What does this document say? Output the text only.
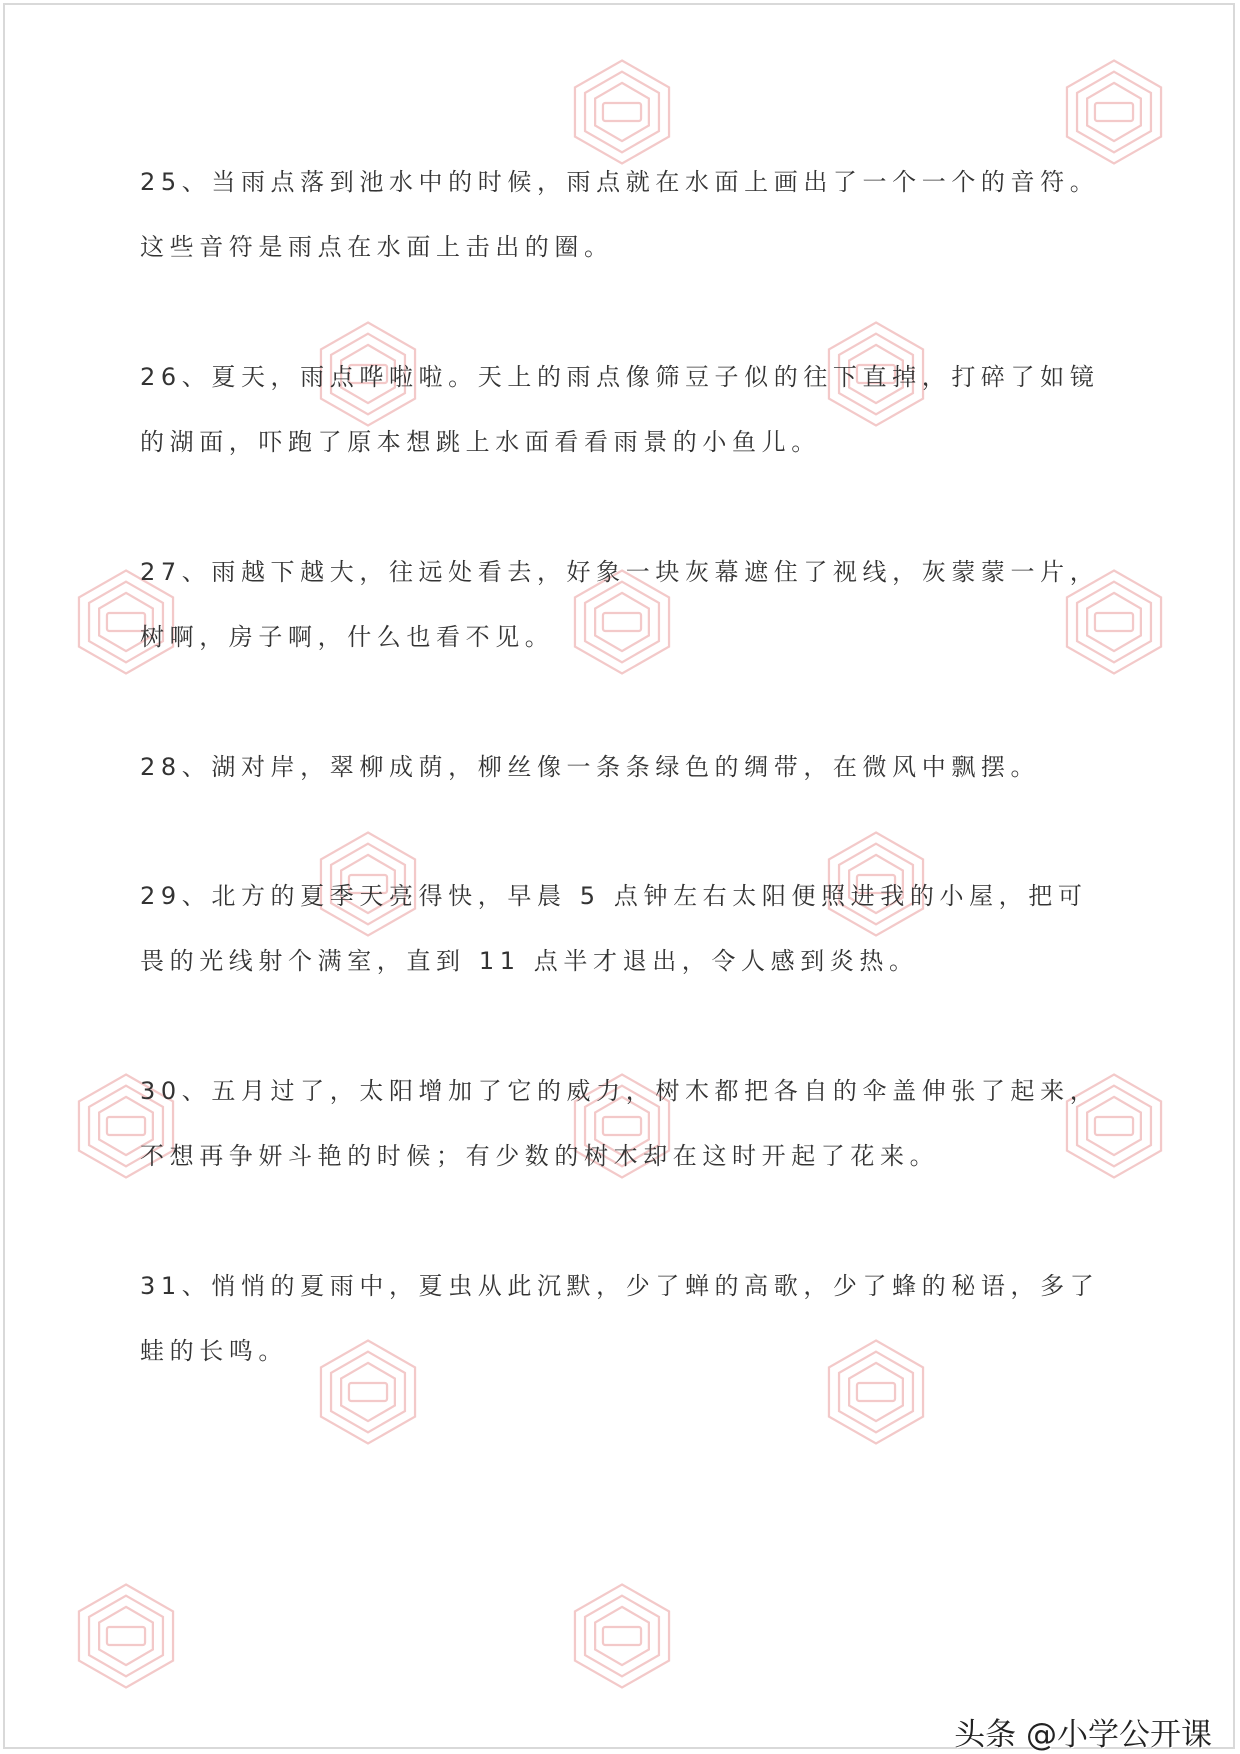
25、当雨点落到池水中的时候，雨点就在水面上画出了一个一个的音符。这些音符是雨点在水面上击出的圈。

26、夏天，雨点哗啦啦。天上的雨点像筛豆子似的往下直掉，打碎了如镜的湖面，吓跑了原本想跳上水面看看雨景的小鱼儿。

27、雨越下越大，往远处看去，好象一块灰幕遮住了视线，灰蒙蒙一片，树啊，房子啊，什么也看不见。

28、湖对岸，翠柳成荫，柳丝像一条条绿色的绸带，在微风中飘摆。

29、北方的夏季天亮得快，早晨 5 点钟左右太阳便照进我的小屋，把可畏的光线射个满室，直到 11 点半才退出，令人感到炎热。

30、五月过了，太阳增加了它的威力，树木都把各自的伞盖伸张了起来，不想再争妍斗艳的时候；有少数的树木却在这时开起了花来。

31、悄悄的夏雨中，夏虫从此沉默，少了蝉的高歌，少了蜂的秘语，多了蛙的长鸣。

头条 @小学公开课
